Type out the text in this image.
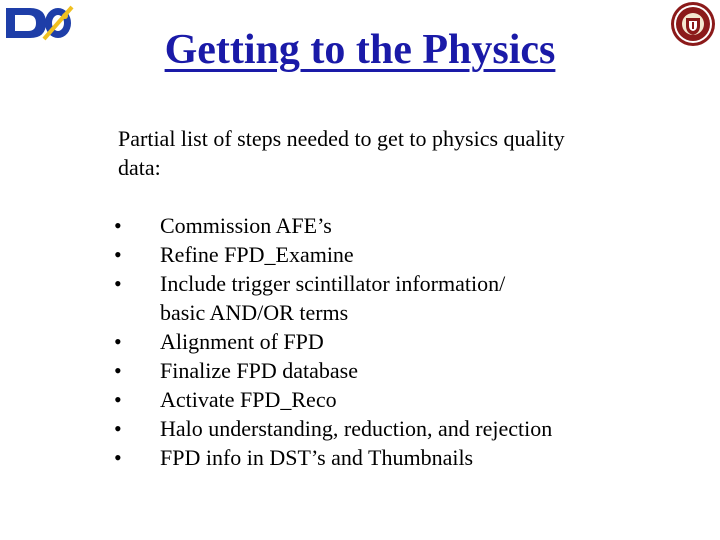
4
Getting to the Physics

Partial list of steps needed to get to physics quality data:

• Commission AFE’s
• Refine FPD_Examine
• Include trigger scintillator information/
basic AND/OR terms
• Alignment of FPD
• Finalize FPD database
• Activate FPD_Reco
• Halo understanding, reduction, and rejection
• FPD info in DST’s and Thumbnails
